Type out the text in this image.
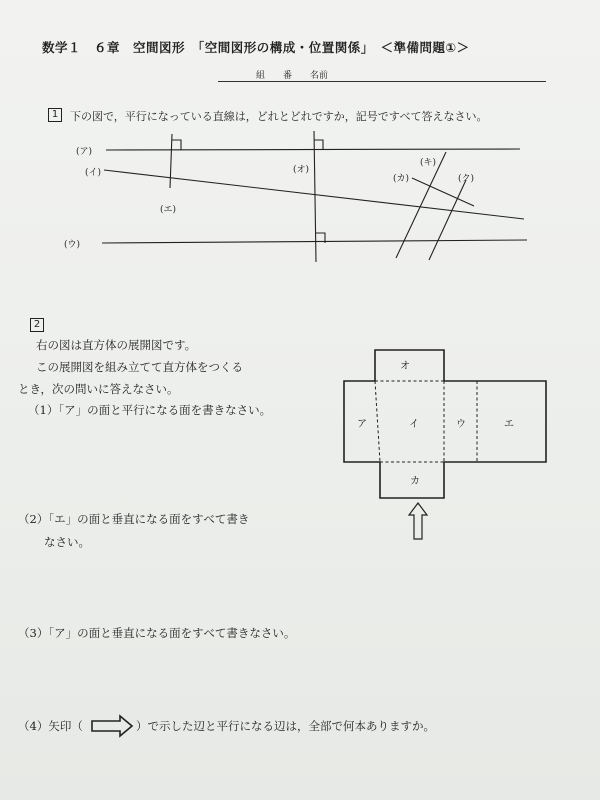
数学１　６章　空間図形　「空間図形の構成・位置関係」　＜準備問題①＞
組　　番　　名前
1	下の図で，平行になっている直線は，どれとどれですか，記号ですべて答えなさい。
(ア)
(イ)
(ウ)
(エ)
(オ)
(カ)
(キ)
(ク)
オ
ア	イ	ウ	エ
カ
2
右の図は直方体の展開図です。
この展開図を組み立てて直方体をつくる
とき，次の問いに答えなさい。
（1）「ア」の面と平行になる面を書きなさい。
（2）「エ」の面と垂直になる面をすべて書き
なさい。
（3）「ア」の面と垂直になる面をすべて書きなさい。
（4）矢印（	）で示した辺と平行になる辺は，全部で何本ありますか。
